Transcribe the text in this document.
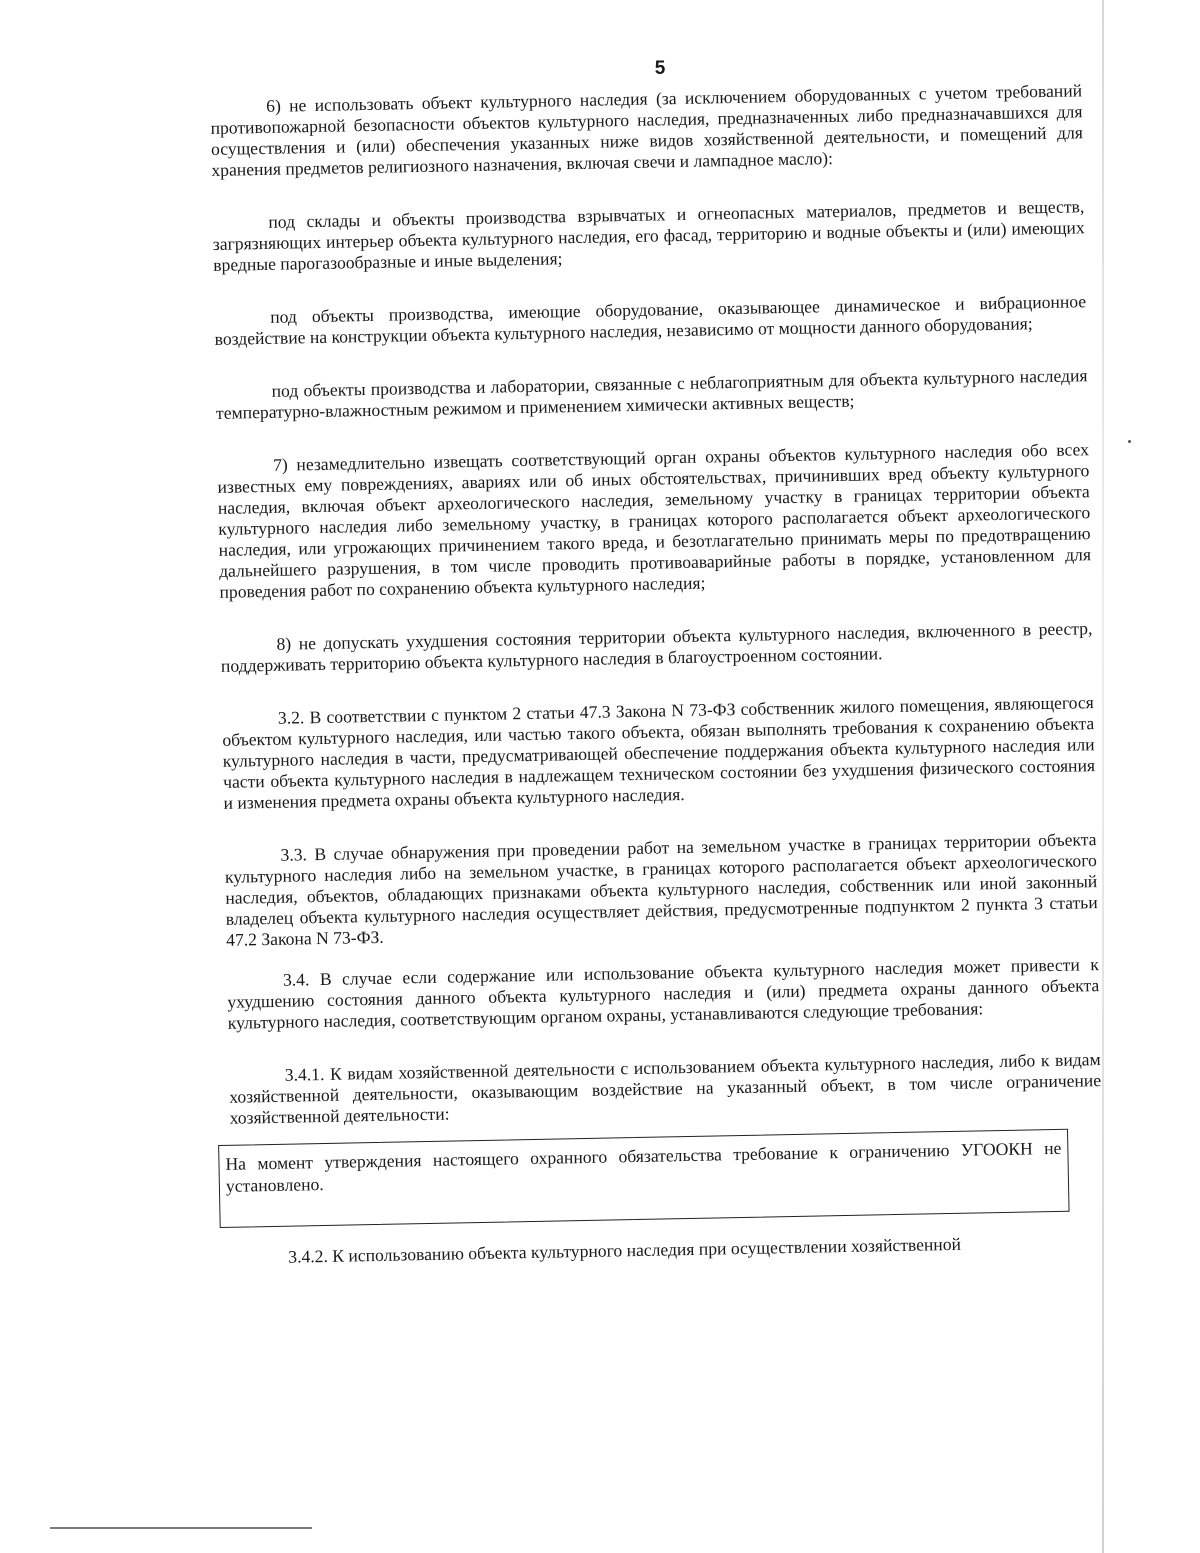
5

6) не использовать объект культурного наследия (за исключением оборудованных с учетом требований противопожарной безопасности объектов культурного наследия, предназначенных либо предназначавшихся для осуществления и (или) обеспечения указанных ниже видов хозяйственной деятельности, и помещений для хранения предметов религиозного назначения, включая свечи и лампадное масло):

под склады и объекты производства взрывчатых и огнеопасных материалов, предметов и веществ, загрязняющих интерьер объекта культурного наследия, его фасад, территорию и водные объекты и (или) имеющих вредные парогазообразные и иные выделения;

под объекты производства, имеющие оборудование, оказывающее динамическое и вибрационное воздействие на конструкции объекта культурного наследия, независимо от мощности данного оборудования;

под объекты производства и лаборатории, связанные с неблагоприятным для объекта культурного наследия температурно-влажностным режимом и применением химически активных веществ;

7) незамедлительно извещать соответствующий орган охраны объектов культурного наследия обо всех известных ему повреждениях, авариях или об иных обстоятельствах, причинивших вред объекту культурного наследия, включая объект археологического наследия, земельному участку в границах территории объекта культурного наследия либо земельному участку, в границах которого располагается объект археологического наследия, или угрожающих причинением такого вреда, и безотлагательно принимать меры по предотвращению дальнейшего разрушения, в том числе проводить противоаварийные работы в порядке, установленном для проведения работ по сохранению объекта культурного наследия;

8) не допускать ухудшения состояния территории объекта культурного наследия, включенного в реестр, поддерживать территорию объекта культурного наследия в благоустроенном состоянии.

3.2. В соответствии с пунктом 2 статьи 47.3 Закона N 73-ФЗ собственник жилого помещения, являющегося объектом культурного наследия, или частью такого объекта, обязан выполнять требования к сохранению объекта культурного наследия в части, предусматривающей обеспечение поддержания объекта культурного наследия или части объекта культурного наследия в надлежащем техническом состоянии без ухудшения физического состояния и изменения предмета охраны объекта культурного наследия.

3.3. В случае обнаружения при проведении работ на земельном участке в границах территории объекта культурного наследия либо на земельном участке, в границах которого располагается объект археологического наследия, объектов, обладающих признаками объекта культурного наследия, собственник или иной законный владелец объекта культурного наследия осуществляет действия, предусмотренные подпунктом 2 пункта 3 статьи 47.2 Закона N 73-ФЗ.

3.4. В случае если содержание или использование объекта культурного наследия может привести к ухудшению состояния данного объекта культурного наследия и (или) предмета охраны данного объекта культурного наследия, соответствующим органом охраны, устанавливаются следующие требования:

3.4.1. К видам хозяйственной деятельности с использованием объекта культурного наследия, либо к видам хозяйственной деятельности, оказывающим воздействие на указанный объект, в том числе ограничение хозяйственной деятельности:

На момент утверждения настоящего охранного обязательства требование к ограничению УГООКН не установлено.

3.4.2. К использованию объекта культурного наследия при осуществлении хозяйственной
